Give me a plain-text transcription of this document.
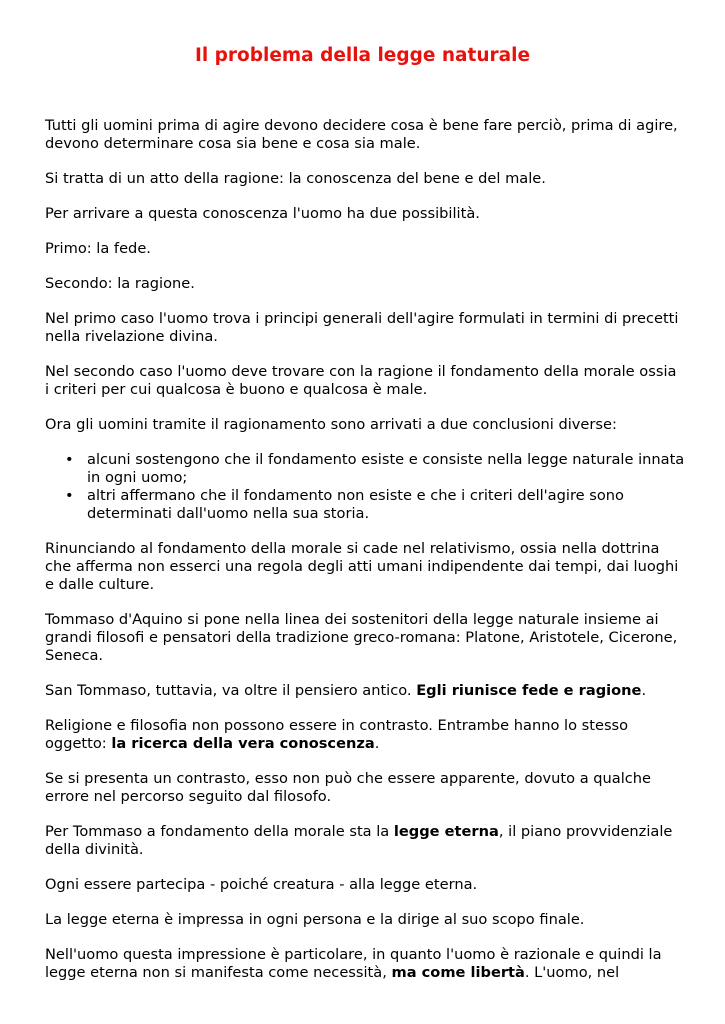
Il problema della legge naturale

Tutti gli uomini prima di agire devono decidere cosa è bene fare perciò, prima di agire, devono determinare cosa sia bene e cosa sia male.

Si tratta di un atto della ragione: la conoscenza del bene e del male.

Per arrivare a questa conoscenza l'uomo ha due possibilità.

Primo: la fede.

Secondo: la ragione.

Nel primo caso l'uomo trova i principi generali dell'agire formulati in termini di precetti nella rivelazione divina.

Nel secondo caso l'uomo deve trovare con la ragione il fondamento della morale ossia i criteri per cui qualcosa è buono e qualcosa è male.

Ora gli uomini tramite il ragionamento sono arrivati a due conclusioni diverse:

• alcuni sostengono che il fondamento esiste e consiste nella legge naturale innata in ogni uomo;
• altri affermano che il fondamento non esiste e che i criteri dell'agire sono determinati dall'uomo nella sua storia.

Rinunciando al fondamento della morale si cade nel relativismo, ossia nella dottrina che afferma non esserci una regola degli atti umani indipendente dai tempi, dai luoghi e dalle culture.

Tommaso d'Aquino si pone nella linea dei sostenitori della legge naturale insieme ai grandi filosofi e pensatori della tradizione greco-romana: Platone, Aristotele, Cicerone, Seneca.

San Tommaso, tuttavia, va oltre il pensiero antico. Egli riunisce fede e ragione.

Religione e filosofia non possono essere in contrasto. Entrambe hanno lo stesso oggetto: la ricerca della vera conoscenza.

Se si presenta un contrasto, esso non può che essere apparente, dovuto a qualche errore nel percorso seguito dal filosofo.

Per Tommaso a fondamento della morale sta la legge eterna, il piano provvidenziale della divinità.

Ogni essere partecipa - poiché creatura - alla legge eterna.

La legge eterna è impressa in ogni persona e la dirige al suo scopo finale.

Nell'uomo questa impressione è particolare, in quanto l'uomo è razionale e quindi la legge eterna non si manifesta come necessità, ma come libertà. L'uomo, nel
